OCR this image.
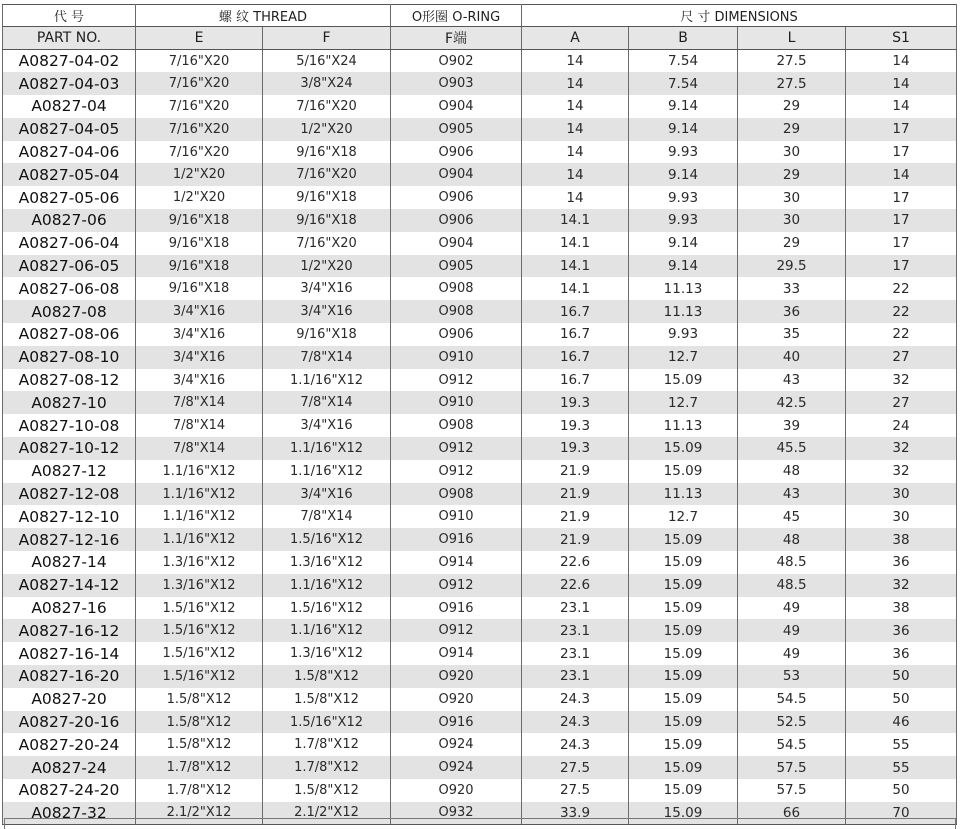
代 号	螺 纹 THREAD		O形圈 O-RING	尺 寸 DIMENSIONS			
PART NO.	E	F	F端	A	B	L	S1
A0827-04-02	7/16"X20	5/16"X24	O902	14	7.54	27.5	14
A0827-04-03	7/16"X20	3/8"X24	O903	14	7.54	27.5	14
A0827-04	7/16"X20	7/16"X20	O904	14	9.14	29	14
A0827-04-05	7/16"X20	1/2"X20	O905	14	9.14	29	17
A0827-04-06	7/16"X20	9/16"X18	O906	14	9.93	30	17
A0827-05-04	1/2"X20	7/16"X20	O904	14	9.14	29	14
A0827-05-06	1/2"X20	9/16"X18	O906	14	9.93	30	17
A0827-06	9/16"X18	9/16"X18	O906	14.1	9.93	30	17
A0827-06-04	9/16"X18	7/16"X20	O904	14.1	9.14	29	17
A0827-06-05	9/16"X18	1/2"X20	O905	14.1	9.14	29.5	17
A0827-06-08	9/16"X18	3/4"X16	O908	14.1	11.13	33	22
A0827-08	3/4"X16	3/4"X16	O908	16.7	11.13	36	22
A0827-08-06	3/4"X16	9/16"X18	O906	16.7	9.93	35	22
A0827-08-10	3/4"X16	7/8"X14	O910	16.7	12.7	40	27
A0827-08-12	3/4"X16	1.1/16"X12	O912	16.7	15.09	43	32
A0827-10	7/8"X14	7/8"X14	O910	19.3	12.7	42.5	27
A0827-10-08	7/8"X14	3/4"X16	O908	19.3	11.13	39	24
A0827-10-12	7/8"X14	1.1/16"X12	O912	19.3	15.09	45.5	32
A0827-12	1.1/16"X12	1.1/16"X12	O912	21.9	15.09	48	32
A0827-12-08	1.1/16"X12	3/4"X16	O908	21.9	11.13	43	30
A0827-12-10	1.1/16"X12	7/8"X14	O910	21.9	12.7	45	30
A0827-12-16	1.1/16"X12	1.5/16"X12	O916	21.9	15.09	48	38
A0827-14	1.3/16"X12	1.3/16"X12	O914	22.6	15.09	48.5	36
A0827-14-12	1.3/16"X12	1.1/16"X12	O912	22.6	15.09	48.5	32
A0827-16	1.5/16"X12	1.5/16"X12	O916	23.1	15.09	49	38
A0827-16-12	1.5/16"X12	1.1/16"X12	O912	23.1	15.09	49	36
A0827-16-14	1.5/16"X12	1.3/16"X12	O914	23.1	15.09	49	36
A0827-16-20	1.5/16"X12	1.5/8"X12	O920	23.1	15.09	53	50
A0827-20	1.5/8"X12	1.5/8"X12	O920	24.3	15.09	54.5	50
A0827-20-16	1.5/8"X12	1.5/16"X12	O916	24.3	15.09	52.5	46
A0827-20-24	1.5/8"X12	1.7/8"X12	O924	24.3	15.09	54.5	55
A0827-24	1.7/8"X12	1.7/8"X12	O924	27.5	15.09	57.5	55
A0827-24-20	1.7/8"X12	1.5/8"X12	O920	27.5	15.09	57.5	50
A0827-32	2.1/2"X12	2.1/2"X12	O932	33.9	15.09	66	70
